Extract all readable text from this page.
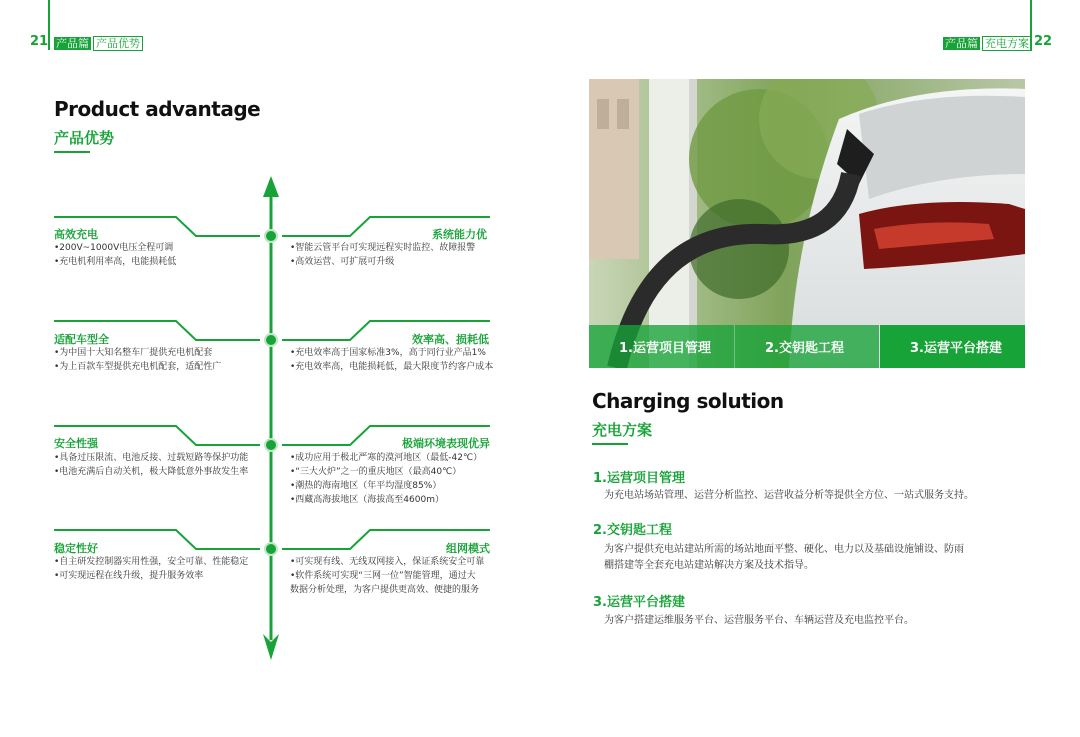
21 产品篇 产品优势	产品篇 充电方案 22
Product advantage
产品优势
高效充电
•200V~1000V电压全程可调
•充电机利用率高，电能损耗低
适配车型全
•为中国十大知名整车厂提供充电机配套
•为上百款车型提供充电机配套，适配性广
安全性强
•具备过压限流、电池反接、过载短路等保护功能
•电池充满后自动关机，极大降低意外事故发生率
稳定性好
•自主研发控制器实用性强，安全可靠、性能稳定
•可实现远程在线升级，提升服务效率
系统能力优
•智能云管平台可实现远程实时监控、故障报警
•高效运营、可扩展可升级
效率高、损耗低
•充电效率高于国家标准3%，高于同行业产品1%
•充电效率高，电能损耗低，最大限度节约客户成本
极端环境表现优异
•成功应用于极北严寒的漠河地区（最低-42℃）
•“三大火炉”之一的重庆地区（最高40℃）
•潮热的海南地区（年平均湿度85%）
•西藏高海拔地区（海拔高至4600m）
组网模式
•可实现有线、无线双网接入，保证系统安全可靠
•软件系统可实现“三网一位”智能管理，通过大
数据分析处理，为客户提供更高效、便捷的服务
1.运营项目管理	2.交钥匙工程	3.运营平台搭建
Charging solution
充电方案
1.运营项目管理
为充电站场站管理、运营分析监控、运营收益分析等提供全方位、一站式服务支持。
2.交钥匙工程
为客户提供充电站建站所需的场站地面平整、硬化、电力以及基础设施铺设、防雨
棚搭建等全套充电站建站解决方案及技术指导。
3.运营平台搭建
为客户搭建运维服务平台、运营服务平台、车辆运营及充电监控平台。
